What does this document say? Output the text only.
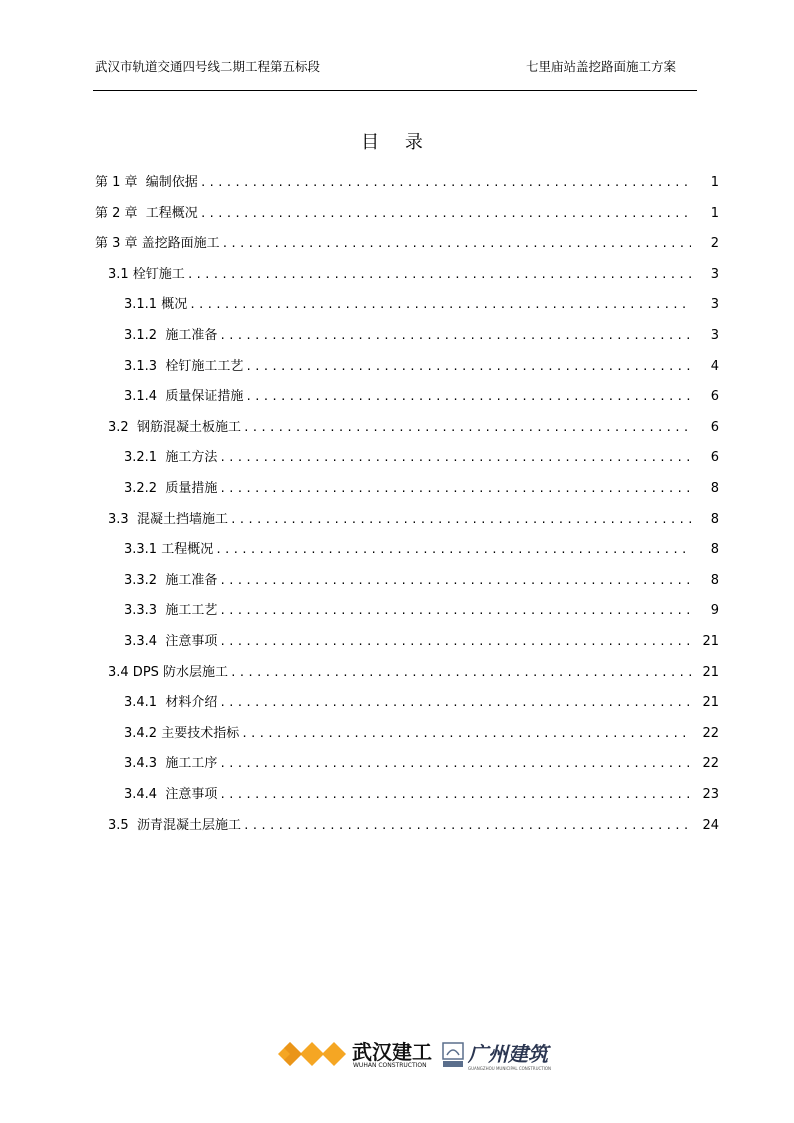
武汉市轨道交通四号线二期工程第五标段	七里庙站盖挖路面施工方案
目 录
第 1 章  编制依据 .....	1
第 2 章  工程概况 .....	1
第 3 章 盖挖路面施工 .....	2
3.1 栓钉施工 .....	3
3.1.1 概况 .....	3
3.1.2  施工准备 .....	3
3.1.3  栓钉施工工艺 .....	4
3.1.4  质量保证措施 .....	6
3.2  钢筋混凝土板施工 .....	6
3.2.1  施工方法 .....	6
3.2.2  质量措施 .....	8
3.3  混凝土挡墙施工 .....	8
3.3.1 工程概况 .....	8
3.3.2  施工准备 .....	8
3.3.3  施工工艺 .....	9
3.3.4  注意事项 .....	21
3.4 DPS 防水层施工 .....	21
3.4.1  材料介绍 .....	21
3.4.2 主要技术指标 .....	22
3.4.3  施工工序 .....	22
3.4.4  注意事项 .....	23
3.5  沥青混凝土层施工 .....	24
武汉建工
WUHAN CONSTRUCTION 广州建筑
GUANGZHOU MUNICIPAL CONSTRUCTION
